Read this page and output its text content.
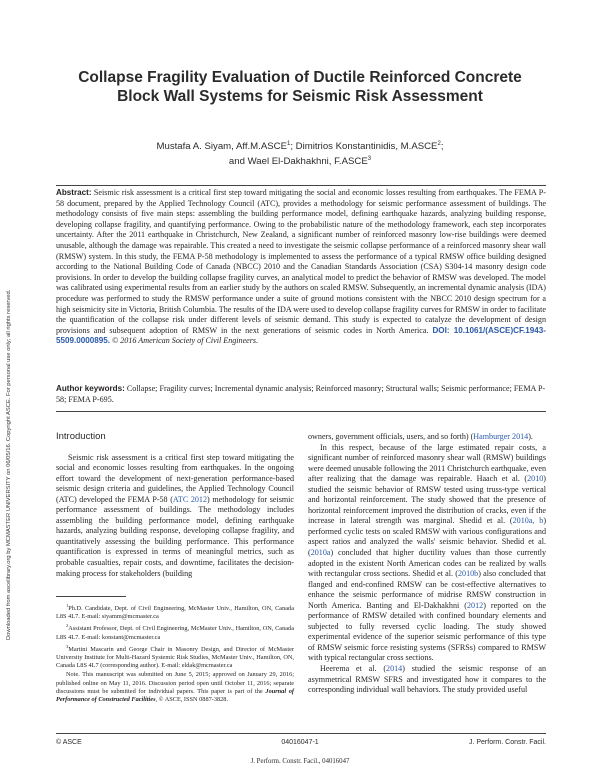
Downloaded from ascelibrary.org by MCMASTER UNIVERSITY on 06/05/16. Copyright ASCE. For personal use only; all rights reserved.
Collapse Fragility Evaluation of Ductile Reinforced Concrete Block Wall Systems for Seismic Risk Assessment
Mustafa A. Siyam, Aff.M.ASCE$^1$; Dimitrios Konstantinidis, M.ASCE$^2$;
and Wael El-Dakhakhni, F.ASCE$^3$
Abstract: Seismic risk assessment is a critical first step toward mitigating the social and economic losses resulting from earthquakes. The FEMA P-58 document, prepared by the Applied Technology Council (ATC), provides a methodology for seismic performance assessment of buildings. The methodology consists of five main steps: assembling the building performance model, defining earthquake hazards, analyzing building response, developing collapse fragility, and quantifying performance. Owing to the probabilistic nature of the methodology framework, each step incorporates uncertainty. After the 2011 earthquake in Christchurch, New Zealand, a significant number of reinforced masonry low-rise buildings were deemed unusable, although the damage was repairable. This created a need to investigate the seismic collapse performance of a reinforced masonry shear wall (RMSW) system. In this study, the FEMA P-58 methodology is implemented to assess the performance of a typical RMSW office building designed according to the National Building Code of Canada (NBCC) 2010 and the Canadian Standards Association (CSA) S304-14 masonry design code provisions. In order to develop the building collapse fragility curves, an analytical model to predict the behavior of RMSW was developed. The model was calibrated using experimental results from an earlier study by the authors on scaled RMSW. Subsequently, an incremental dynamic analysis (IDA) procedure was performed to study the RMSW performance under a suite of ground motions consistent with the NBCC 2010 design spectrum for a high seismicity site in Victoria, British Columbia. The results of the IDA were used to develop collapse fragility curves for RMSW in order to facilitate the quantification of the collapse risk under different levels of seismic demand. This study is expected to catalyze the development of design provisions and subsequent adoption of RMSW in the next generations of seismic codes in North America. DOI: 10.1061/(ASCE)CF.1943-5509.0000895. © 2016 American Society of Civil Engineers.
Author keywords: Collapse; Fragility curves; Incremental dynamic analysis; Reinforced masonry; Structural walls; Seismic performance; FEMA P-58; FEMA P-695.
Introduction

Seismic risk assessment is a critical first step toward mitigating the social and economic losses resulting from earthquakes. In the ongoing effort toward the development of next-generation performance-based seismic design criteria and guidelines, the Applied Technology Council (ATC) developed the FEMA P-58 (ATC 2012) methodology for seismic performance assessment of buildings. The methodology includes assembling the building performance model, defining earthquake hazards, analyzing building response, developing collapse fragility, and quantitatively assessing the building performance. This performance quantification is expressed in terms of meaningful metrics, such as probable casualties, repair costs, and downtime, facilitates the decision-making process for stakeholders (building

$^1$Ph.D. Candidate, Dept. of Civil Engineering, McMaster Univ., Hamilton, ON, Canada L8S 4L7. E-mail: siyamm@mcmaster.ca

$^2$Assistant Professor, Dept. of Civil Engineering, McMaster Univ., Hamilton, ON, Canada L8S 4L7. E-mail: konstant@mcmaster.ca

$^3$Martini Mascarin and George Chair in Masonry Design, and Director of McMaster University Institute for Multi-Hazard Systemic Risk Studies, McMaster Univ., Hamilton, ON, Canada L8S 4L7 (corresponding author). E-mail: eldak@mcmaster.ca

Note. This manuscript was submitted on June 5, 2015; approved on January 29, 2016; published online on May 11, 2016. Discussion period open until October 11, 2016; separate discussions must be submitted for individual papers. This paper is part of the Journal of Performance of Constructed Facilities, © ASCE, ISSN 0887-3828.

owners, government officials, users, and so forth) (Hamburger 2014).

In this respect, because of the large estimated repair costs, a significant number of reinforced masonry shear wall (RMSW) buildings were deemed unusable following the 2011 Christchurch earthquake, even after realizing that the damage was repairable. Haach et al. (2010) studied the seismic behavior of RMSW tested using truss-type vertical and horizontal reinforcement. The study showed that the presence of horizontal reinforcement improved the distribution of cracks, even if the increase in lateral strength was marginal. Shedid et al. (2010a, b) performed cyclic tests on scaled RMSW with various configurations and aspect ratios and analyzed the walls' seismic behavior. Shedid et al. (2010a) concluded that higher ductility values than those currently adopted in the existent North American codes can be realized by walls with rectangular cross sections. Shedid et al. (2010b) also concluded that flanged and end-confined RMSW can be cost-effective alternatives to enhance the seismic performance of midrise RMSW construction in North America. Banting and El-Dakhakhni (2012) reported on the performance of RMSW detailed with confined boundary elements and subjected to fully reversed cyclic loading. The study showed experimental evidence of the superior seismic performance of this type of RMSW seismic force resisting systems (SFRSs) compared to RMSW with typical rectangular cross sections.

Heerema et al. (2014) studied the seismic response of an asymmetrical RMSW SFRS and investigated how it compares to the corresponding individual wall behaviors. The study provided useful

© ASCE	04016047-1	J. Perform. Constr. Facil.
J. Perform. Constr. Facil., 04016047
